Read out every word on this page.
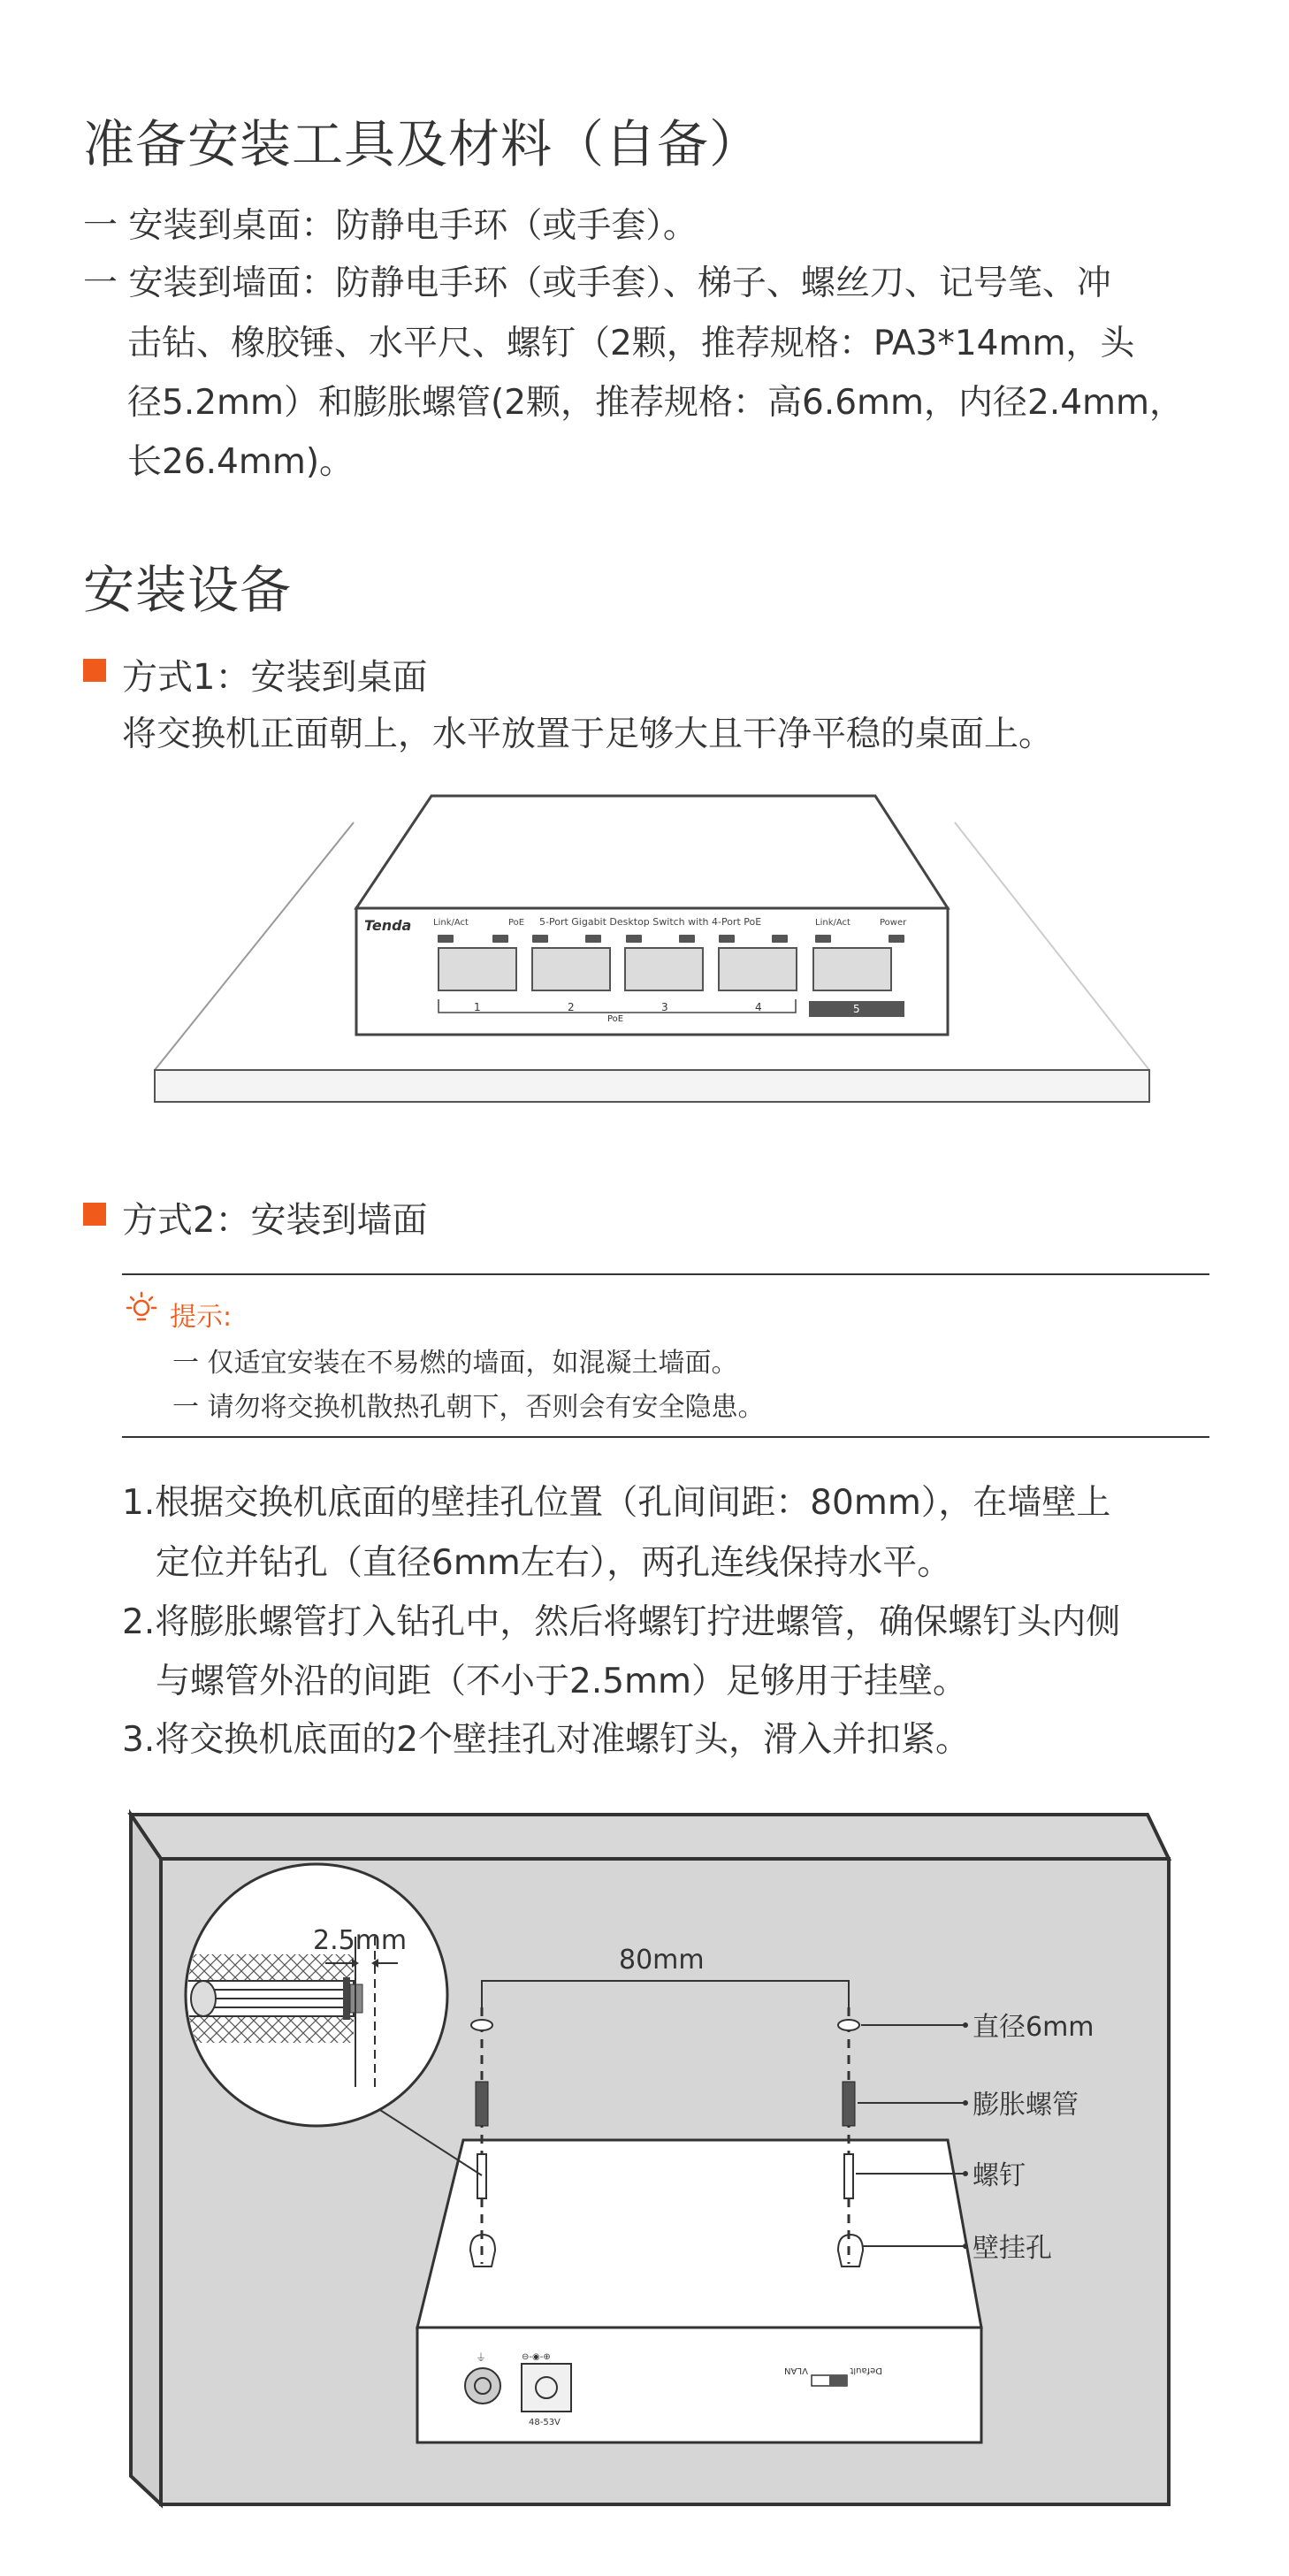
准备安装工具及材料（自备）
一 安装到桌面：防静电手环（或手套）。
一 安装到墙面：防静电手环（或手套）、梯子、螺丝刀、记号笔、冲
击钻、橡胶锤、水平尺、螺钉（2颗，推荐规格：PA3*14mm，头
径5.2mm）和膨胀螺管(2颗，推荐规格：高6.6mm，内径2.4mm，
长26.4mm)。
安装设备
方式1：安装到桌面
将交换机正面朝上，水平放置于足够大且干净平稳的桌面上。
Tenda Link/Act	PoE 5-Port Gigabit Desktop Switch with 4-Port PoE	Link/Act	Power
1	2	3	4	5
PoE
方式2：安装到墙面
提示:
一 仅适宜安装在不易燃的墙面，如混凝土墙面。
一 请勿将交换机散热孔朝下，否则会有安全隐患。
1.根据交换机底面的壁挂孔位置（孔间间距：80mm），在墙壁上
定位并钻孔（直径6mm左右），两孔连线保持水平。
2.将膨胀螺管打入钻孔中，然后将螺钉拧进螺管，确保螺钉头内侧
与螺管外沿的间距（不小于2.5mm）足够用于挂壁。
3.将交换机底面的2个壁挂孔对准螺钉头，滑入并扣紧。
⏚	⊖-◉-⊕
48-53V
VLAN	Default
80mm
直径6mm
膨胀螺管
螺钉
壁挂孔
2.5mm
